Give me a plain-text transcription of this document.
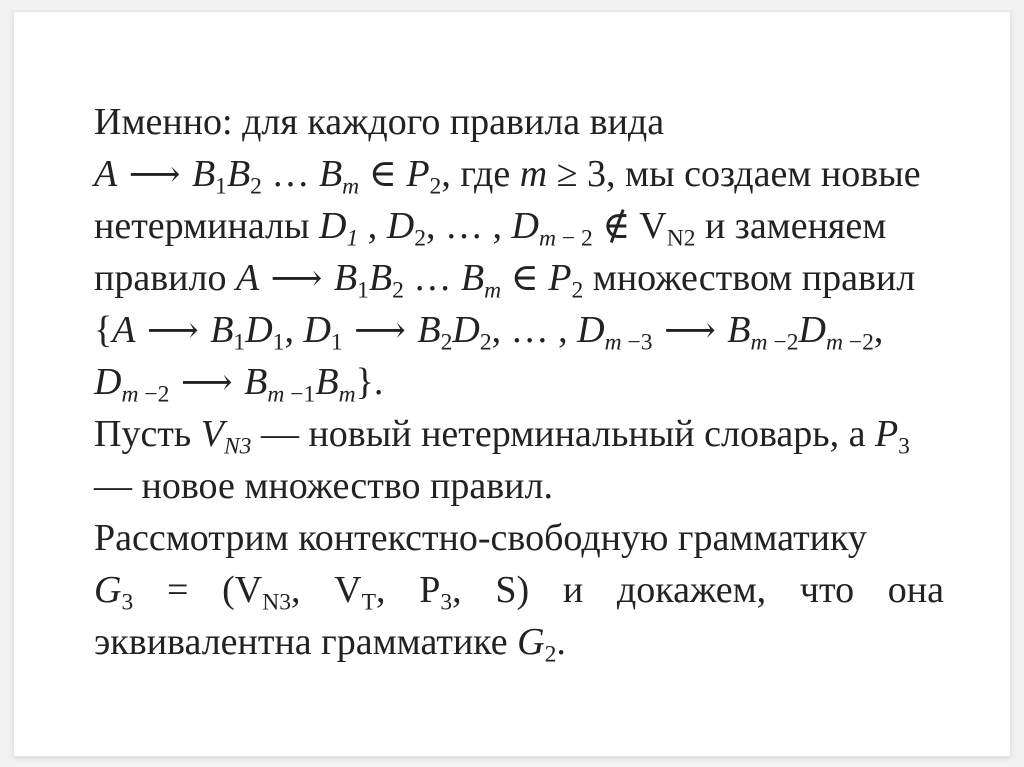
Именно: для каждого правила вида
A ⟶ $B_1B_2$ … $B_m$ ∈ $P_2$, где m ≥ 3, мы создаем новые
нетерминалы $D_1$ , $D_2$, … , $D_{m - 2}$ ∉ $V_{N2}$ и заменяем
правило A ⟶ $B_1B_2$ … $B_m$ ∈ $P_2$ множеством правил
{A ⟶ $B_1D_1$, $D_1$ ⟶ $B_2D_2$, … , $D_{m -3}$ ⟶ $B_{m -2}D_{m -2}$,
$D_{m -2}$ ⟶ $B_{m -1}B_m$}.
Пусть $V_{N3}$ — новый нетерминальный словарь, а $P_3$
— новое множество правил.
Рассмотрим контекстно-свободную грамматику
$G_3 = (V_{N3}$, $V_T$, $P_3$, S) и докажем, что она
эквивалентна грамматике $G_2$.
